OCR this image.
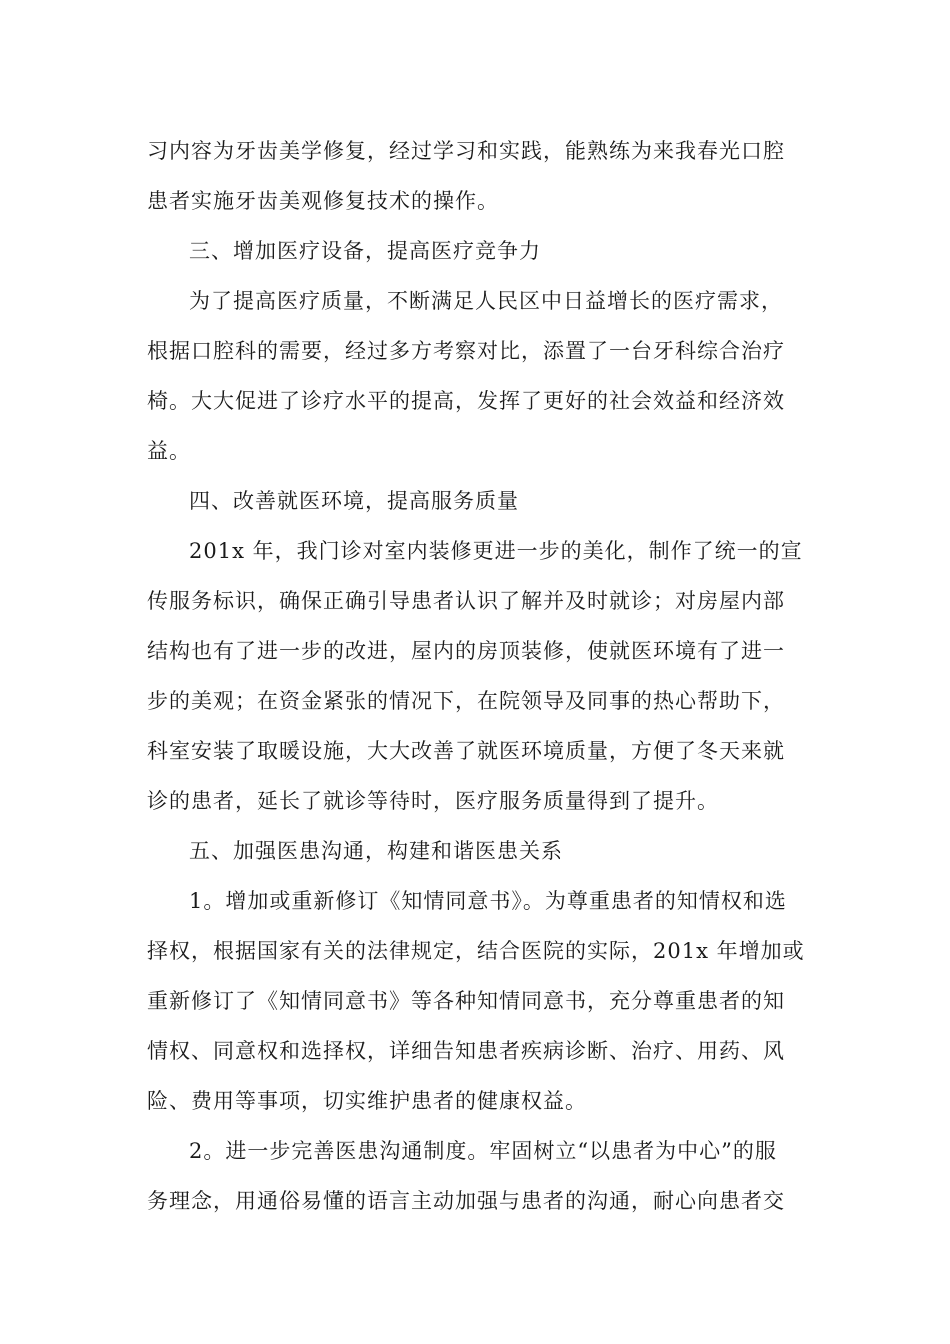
习内容为牙齿美学修复，经过学习和实践，能熟练为来我春光口腔

患者实施牙齿美观修复技术的操作。

三、增加医疗设备，提高医疗竞争力

为了提高医疗质量，不断满足人民区中日益增长的医疗需求，

根据口腔科的需要，经过多方考察对比，添置了一台牙科综合治疗

椅。大大促进了诊疗水平的提高，发挥了更好的社会效益和经济效

益。

四、改善就医环境，提高服务质量

201x 年，我门诊对室内装修更进一步的美化，制作了统一的宣

传服务标识，确保正确引导患者认识了解并及时就诊；对房屋内部

结构也有了进一步的改进，屋内的房顶装修，使就医环境有了进一

步的美观；在资金紧张的情况下，在院领导及同事的热心帮助下，

科室安装了取暖设施，大大改善了就医环境质量，方便了冬天来就

诊的患者，延长了就诊等待时，医疗服务质量得到了提升。

五、加强医患沟通，构建和谐医患关系

1。增加或重新修订《知情同意书》。为尊重患者的知情权和选

择权，根据国家有关的法律规定，结合医院的实际，201x 年增加或

重新修订了《知情同意书》等各种知情同意书，充分尊重患者的知

情权、同意权和选择权，详细告知患者疾病诊断、治疗、用药、风

险、费用等事项，切实维护患者的健康权益。

2。进一步完善医患沟通制度。牢固树立“以患者为中心”的服

务理念，用通俗易懂的语言主动加强与患者的沟通，耐心向患者交
